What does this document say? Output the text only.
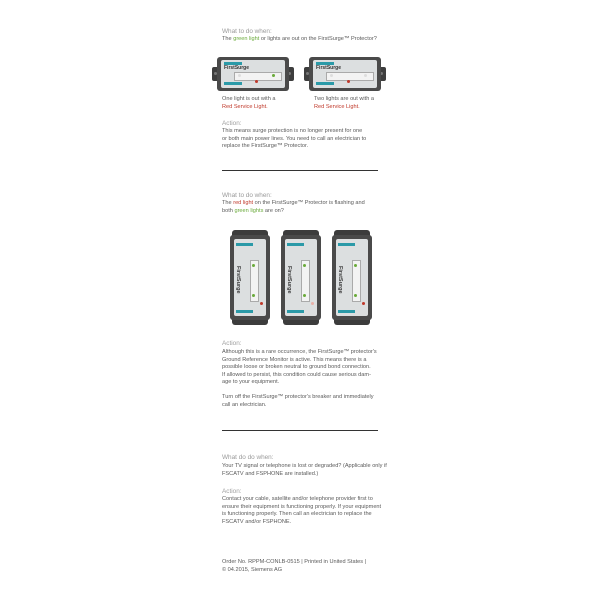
What to do when:
The green light or lights are out on the FirstSurge™ Protector?
FirstSurge	FirstSurge
One light is out with a
Red Service Light.
Two lights are out with a
Red Service Light.
Action:
This means surge protection is no longer present for one
or both main power lines. You need to call an electrician to
replace the FirstSurge™ Protector.
What to do when:
The red light on the FirstSurge™ Protector is flashing and
both green lights are on?
FirstSurge	FirstSurge	FirstSurge
Action:
Although this is a rare occurrence, the FirstSurge™ protector's
Ground Reference Monitor is active. This means there is a
possible loose or broken neutral to ground bond connection.
If allowed to persist, this condition could cause serious dam-
age to your equipment.
Turn off the FirstSurge™ protector's breaker and immediately
call an electrician.
What do do when:
Your TV signal or telephone is lost or degraded? (Applicable only if
FSCATV and FSPHONE are installed.)
Action:
Contact your cable, satellite and/or telephone provider first to
ensure their equipment is functioning properly. If your equipment
is functioning properly. Then call an electrician to replace the
FSCATV and/or FSPHONE.
Order No. RPPM-CONLB-0515 | Printed in United States |
© 04.2015, Siemens AG
